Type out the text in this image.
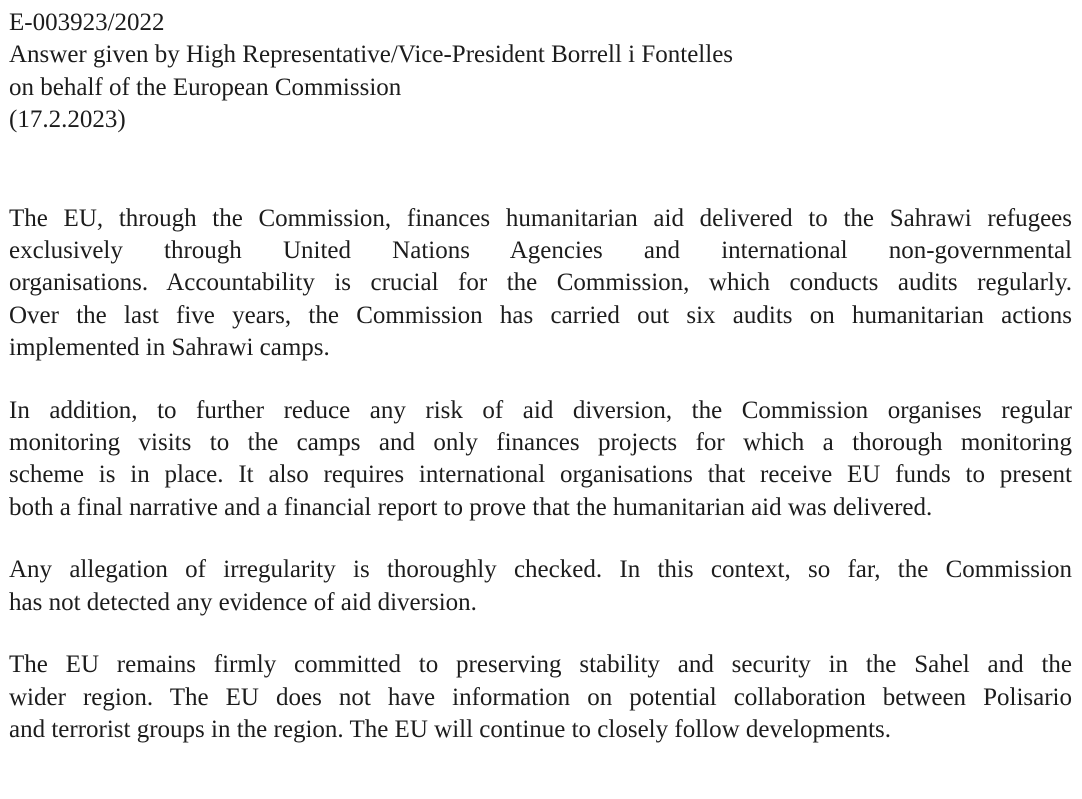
E-003923/2022
Answer given by High Representative/Vice-President Borrell i Fontelles
on behalf of the European Commission
(17.2.2023)
The EU, through the Commission, finances humanitarian aid delivered to the Sahrawi refugees
exclusively through United Nations Agencies and international non-governmental
organisations. Accountability is crucial for the Commission, which conducts audits regularly.
Over the last five years, the Commission has carried out six audits on humanitarian actions
implemented in Sahrawi camps.
In addition, to further reduce any risk of aid diversion, the Commission organises regular
monitoring visits to the camps and only finances projects for which a thorough monitoring
scheme is in place. It also requires international organisations that receive EU funds to present
both a final narrative and a financial report to prove that the humanitarian aid was delivered.
Any allegation of irregularity is thoroughly checked. In this context, so far, the Commission
has not detected any evidence of aid diversion.
The EU remains firmly committed to preserving stability and security in the Sahel and the
wider region. The EU does not have information on potential collaboration between Polisario
and terrorist groups in the region. The EU will continue to closely follow developments.
